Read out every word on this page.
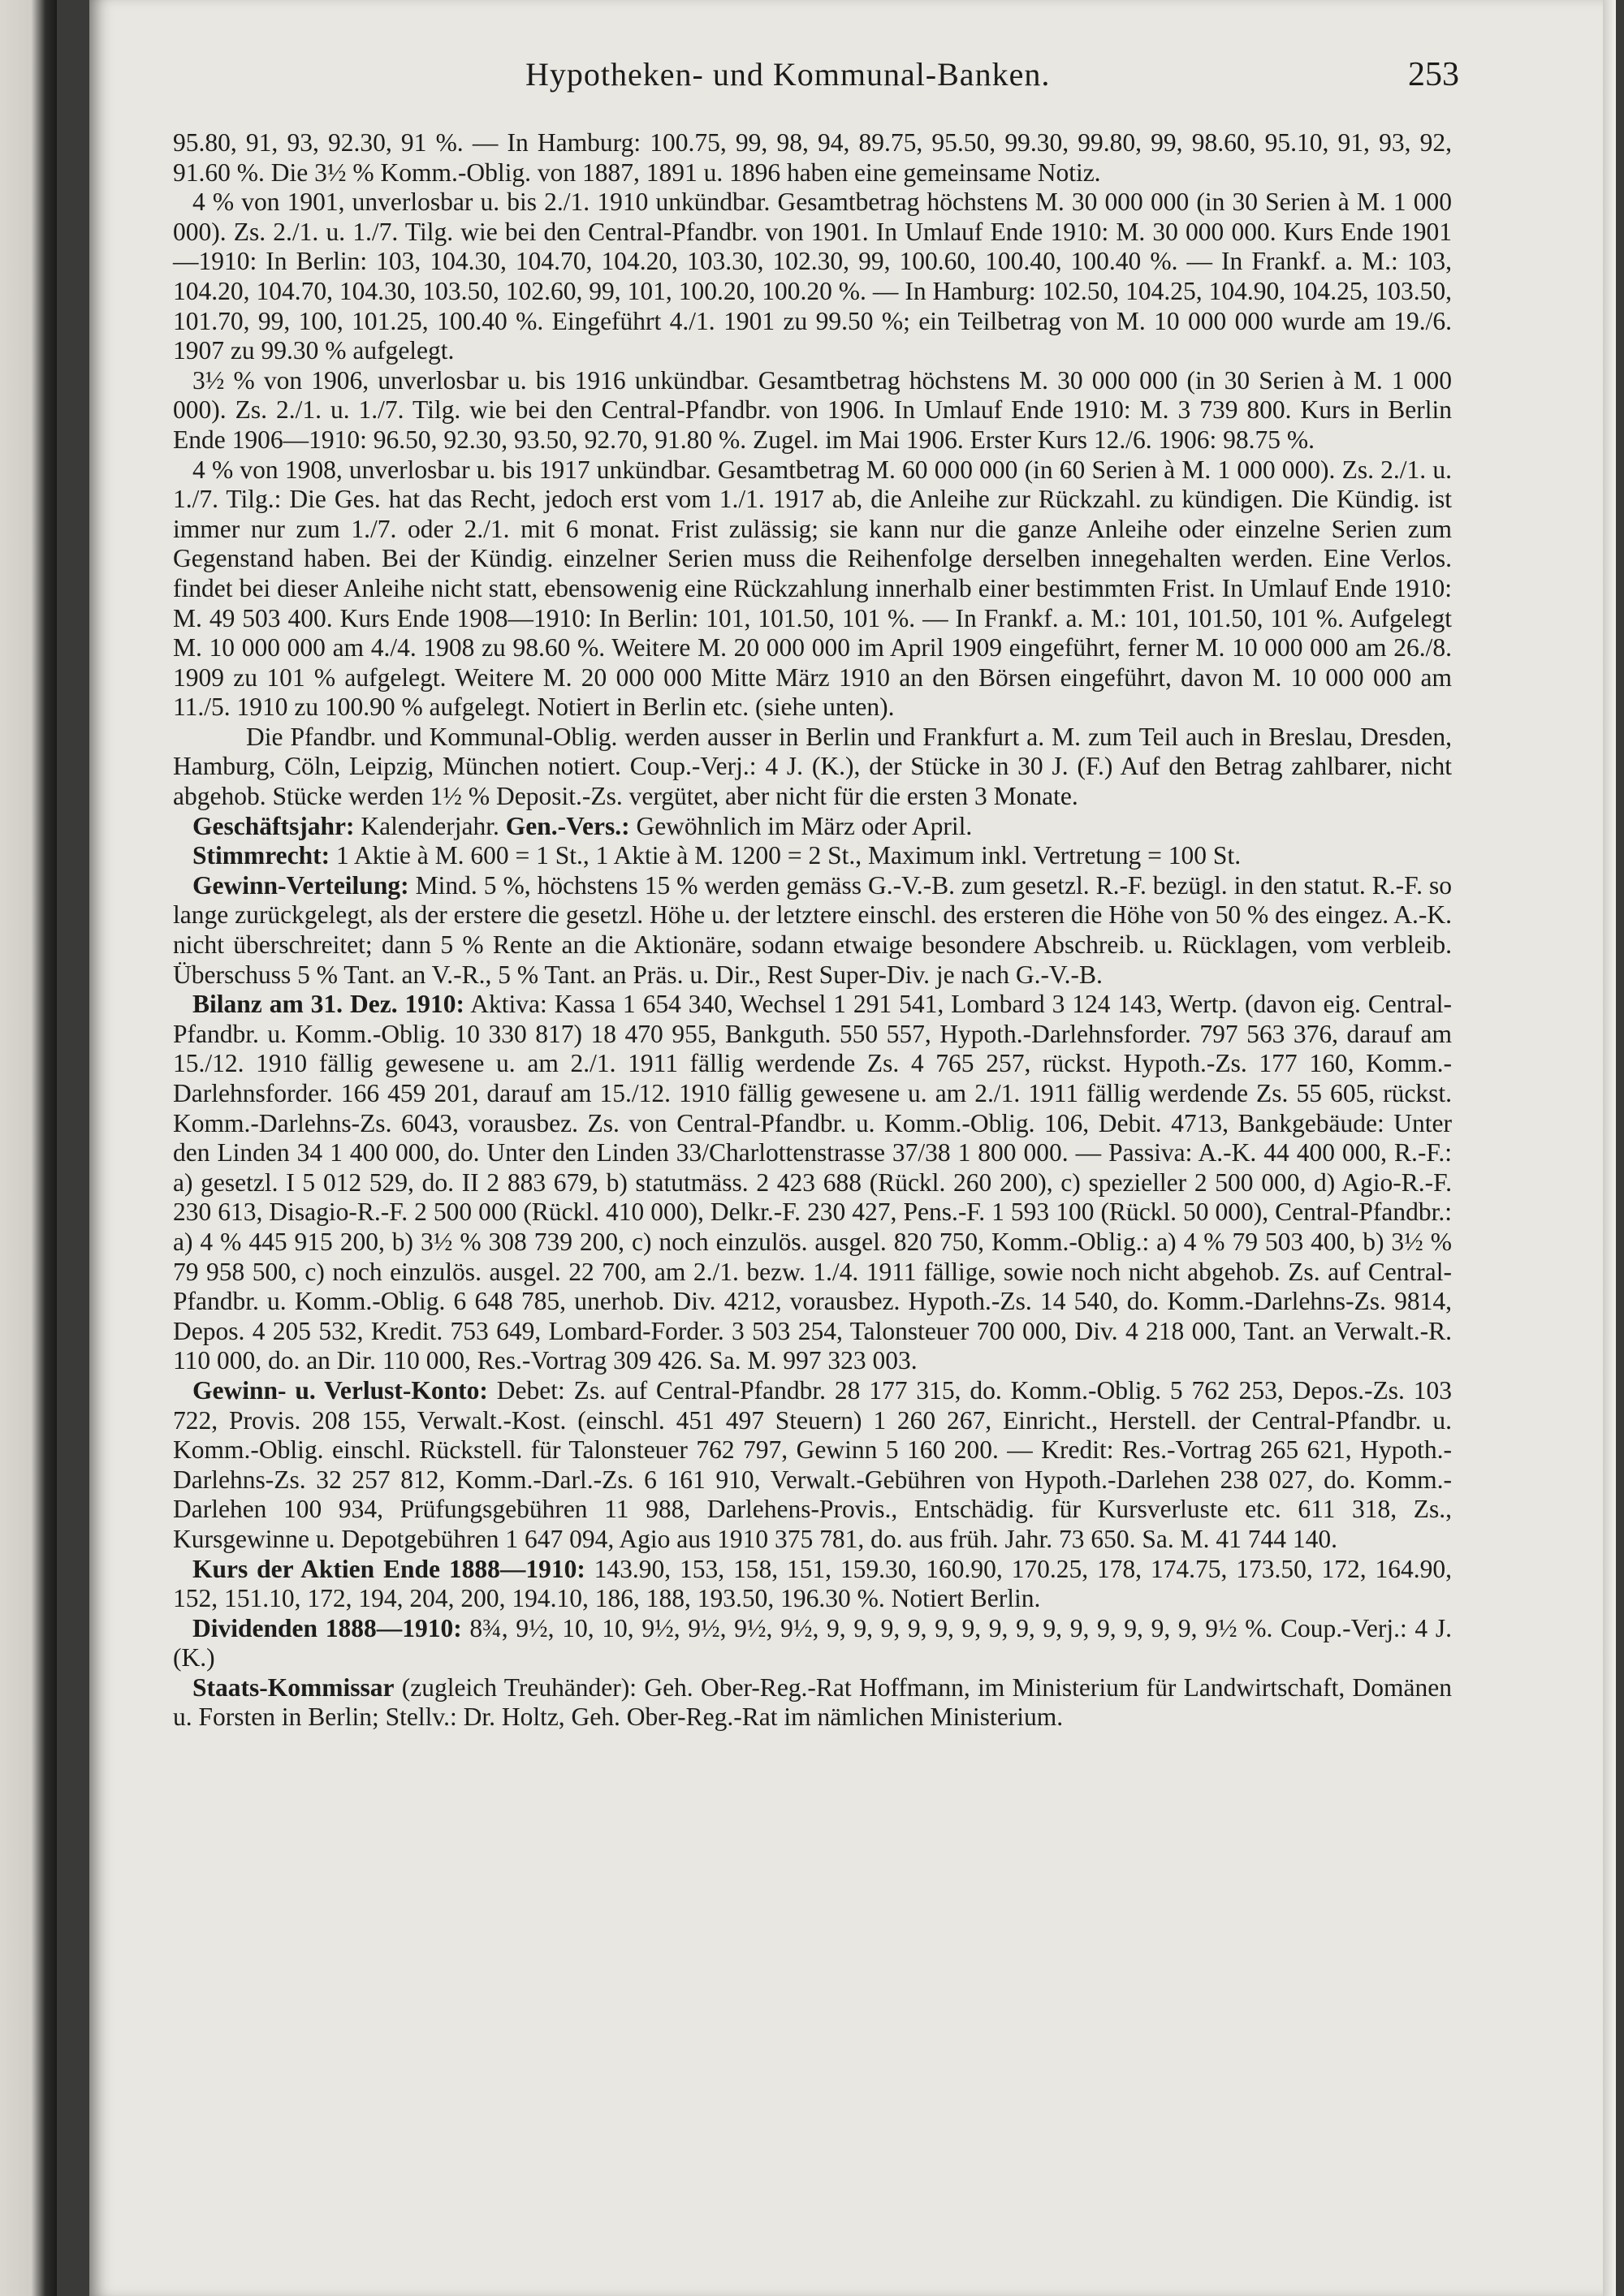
Hypotheken- und Kommunal-Banken.	253

95.80, 91, 93, 92.30, 91 %. — In Hamburg: 100.75, 99, 98, 94, 89.75, 95.50, 99.30, 99.80, 99, 98.60, 95.10, 91, 93, 92, 91.60 %. Die 3½ % Komm.-Oblig. von 1887, 1891 u. 1896 haben eine gemeinsame Notiz.

4 % von 1901, unverlosbar u. bis 2./1. 1910 unkündbar. Gesamtbetrag höchstens M. 30 000 000 (in 30 Serien à M. 1 000 000). Zs. 2./1. u. 1./7. Tilg. wie bei den Central-Pfandbr. von 1901. In Umlauf Ende 1910: M. 30 000 000. Kurs Ende 1901—1910: In Berlin: 103, 104.30, 104.70, 104.20, 103.30, 102.30, 99, 100.60, 100.40, 100.40 %. — In Frankf. a. M.: 103, 104.20, 104.70, 104.30, 103.50, 102.60, 99, 101, 100.20, 100.20 %. — In Hamburg: 102.50, 104.25, 104.90, 104.25, 103.50, 101.70, 99, 100, 101.25, 100.40 %. Eingeführt 4./1. 1901 zu 99.50 %; ein Teilbetrag von M. 10 000 000 wurde am 19./6. 1907 zu 99.30 % aufgelegt.

3½ % von 1906, unverlosbar u. bis 1916 unkündbar. Gesamtbetrag höchstens M. 30 000 000 (in 30 Serien à M. 1 000 000). Zs. 2./1. u. 1./7. Tilg. wie bei den Central-Pfandbr. von 1906. In Umlauf Ende 1910: M. 3 739 800. Kurs in Berlin Ende 1906—1910: 96.50, 92.30, 93.50, 92.70, 91.80 %. Zugel. im Mai 1906. Erster Kurs 12./6. 1906: 98.75 %.

4 % von 1908, unverlosbar u. bis 1917 unkündbar. Gesamtbetrag M. 60 000 000 (in 60 Serien à M. 1 000 000). Zs. 2./1. u. 1./7. Tilg.: Die Ges. hat das Recht, jedoch erst vom 1./1. 1917 ab, die Anleihe zur Rückzahl. zu kündigen. Die Kündig. ist immer nur zum 1./7. oder 2./1. mit 6 monat. Frist zulässig; sie kann nur die ganze Anleihe oder einzelne Serien zum Gegenstand haben. Bei der Kündig. einzelner Serien muss die Reihenfolge derselben innegehalten werden. Eine Verlos. findet bei dieser Anleihe nicht statt, ebensowenig eine Rückzahlung innerhalb einer bestimmten Frist. In Umlauf Ende 1910: M. 49 503 400. Kurs Ende 1908—1910: In Berlin: 101, 101.50, 101 %. — In Frankf. a. M.: 101, 101.50, 101 %. Aufgelegt M. 10 000 000 am 4./4. 1908 zu 98.60 %. Weitere M. 20 000 000 im April 1909 eingeführt, ferner M. 10 000 000 am 26./8. 1909 zu 101 % aufgelegt. Weitere M. 20 000 000 Mitte März 1910 an den Börsen eingeführt, davon M. 10 000 000 am 11./5. 1910 zu 100.90 % aufgelegt. Notiert in Berlin etc. (siehe unten).

Die Pfandbr. und Kommunal-Oblig. werden ausser in Berlin und Frankfurt a. M. zum Teil auch in Breslau, Dresden, Hamburg, Cöln, Leipzig, München notiert. Coup.-Verj.: 4 J. (K.), der Stücke in 30 J. (F.) Auf den Betrag zahlbarer, nicht abgehob. Stücke werden 1½ % Deposit.-Zs. vergütet, aber nicht für die ersten 3 Monate.

Geschäftsjahr: Kalenderjahr. Gen.-Vers.: Gewöhnlich im März oder April.

Stimmrecht: 1 Aktie à M. 600 = 1 St., 1 Aktie à M. 1200 = 2 St., Maximum inkl. Vertretung = 100 St.

Gewinn-Verteilung: Mind. 5 %, höchstens 15 % werden gemäss G.-V.-B. zum gesetzl. R.-F. bezügl. in den statut. R.-F. so lange zurückgelegt, als der erstere die gesetzl. Höhe u. der letztere einschl. des ersteren die Höhe von 50 % des eingez. A.-K. nicht überschreitet; dann 5 % Rente an die Aktionäre, sodann etwaige besondere Abschreib. u. Rücklagen, vom verbleib. Überschuss 5 % Tant. an V.-R., 5 % Tant. an Präs. u. Dir., Rest Super-Div. je nach G.-V.-B.

Bilanz am 31. Dez. 1910: Aktiva: Kassa 1 654 340, Wechsel 1 291 541, Lombard 3 124 143, Wertp. (davon eig. Central-Pfandbr. u. Komm.-Oblig. 10 330 817) 18 470 955, Bankguth. 550 557, Hypoth.-Darlehnsforder. 797 563 376, darauf am 15./12. 1910 fällig gewesene u. am 2./1. 1911 fällig werdende Zs. 4 765 257, rückst. Hypoth.-Zs. 177 160, Komm.-Darlehnsforder. 166 459 201, darauf am 15./12. 1910 fällig gewesene u. am 2./1. 1911 fällig werdende Zs. 55 605, rückst. Komm.-Darlehns-Zs. 6043, vorausbez. Zs. von Central-Pfandbr. u. Komm.-Oblig. 106, Debit. 4713, Bankgebäude: Unter den Linden 34 1 400 000, do. Unter den Linden 33/Charlottenstrasse 37/38 1 800 000. — Passiva: A.-K. 44 400 000, R.-F.: a) gesetzl. I 5 012 529, do. II 2 883 679, b) statutmäss. 2 423 688 (Rückl. 260 200), c) spezieller 2 500 000, d) Agio-R.-F. 230 613, Disagio-R.-F. 2 500 000 (Rückl. 410 000), Delkr.-F. 230 427, Pens.-F. 1 593 100 (Rückl. 50 000), Central-Pfandbr.: a) 4 % 445 915 200, b) 3½ % 308 739 200, c) noch einzulös. ausgel. 820 750, Komm.-Oblig.: a) 4 % 79 503 400, b) 3½ % 79 958 500, c) noch einzulös. ausgel. 22 700, am 2./1. bezw. 1./4. 1911 fällige, sowie noch nicht abgehob. Zs. auf Central-Pfandbr. u. Komm.-Oblig. 6 648 785, unerhob. Div. 4212, vorausbez. Hypoth.-Zs. 14 540, do. Komm.-Darlehns-Zs. 9814, Depos. 4 205 532, Kredit. 753 649, Lombard-Forder. 3 503 254, Talonsteuer 700 000, Div. 4 218 000, Tant. an Verwalt.-R. 110 000, do. an Dir. 110 000, Res.-Vortrag 309 426. Sa. M. 997 323 003.

Gewinn- u. Verlust-Konto: Debet: Zs. auf Central-Pfandbr. 28 177 315, do. Komm.-Oblig. 5 762 253, Depos.-Zs. 103 722, Provis. 208 155, Verwalt.-Kost. (einschl. 451 497 Steuern) 1 260 267, Einricht., Herstell. der Central-Pfandbr. u. Komm.-Oblig. einschl. Rückstell. für Talonsteuer 762 797, Gewinn 5 160 200. — Kredit: Res.-Vortrag 265 621, Hypoth.-Darlehns-Zs. 32 257 812, Komm.-Darl.-Zs. 6 161 910, Verwalt.-Gebühren von Hypoth.-Darlehen 238 027, do. Komm.-Darlehen 100 934, Prüfungsgebühren 11 988, Darlehens-Provis., Entschädig. für Kursverluste etc. 611 318, Zs., Kursgewinne u. Depotgebühren 1 647 094, Agio aus 1910 375 781, do. aus früh. Jahr. 73 650. Sa. M. 41 744 140.

Kurs der Aktien Ende 1888—1910: 143.90, 153, 158, 151, 159.30, 160.90, 170.25, 178, 174.75, 173.50, 172, 164.90, 152, 151.10, 172, 194, 204, 200, 194.10, 186, 188, 193.50, 196.30 %. Notiert Berlin.

Dividenden 1888—1910: 8¾, 9½, 10, 10, 9½, 9½, 9½, 9½, 9, 9, 9, 9, 9, 9, 9, 9, 9, 9, 9, 9, 9, 9, 9½ %. Coup.-Verj.: 4 J. (K.)

Staats-Kommissar (zugleich Treuhänder): Geh. Ober-Reg.-Rat Hoffmann, im Ministerium für Landwirtschaft, Domänen u. Forsten in Berlin; Stellv.: Dr. Holtz, Geh. Ober-Reg.-Rat im nämlichen Ministerium.
